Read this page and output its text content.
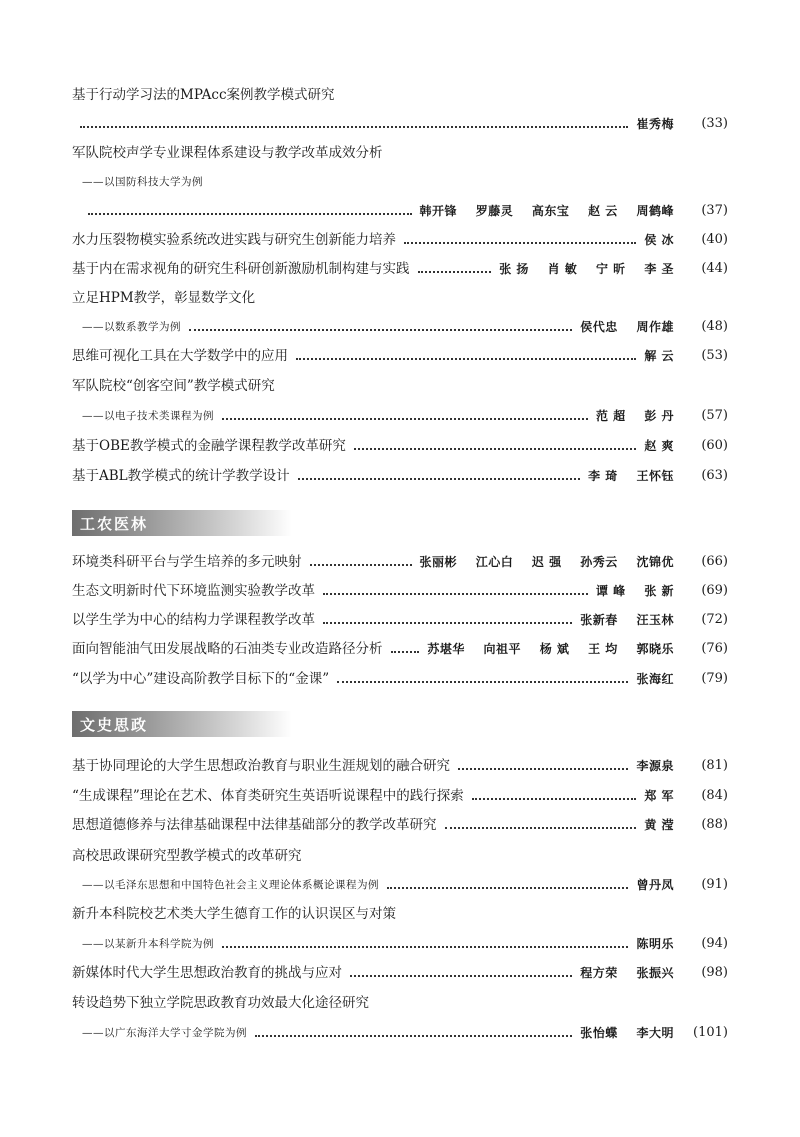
基于行动学习法的MPAcc案例教学模式研究
崔秀梅	(33)
军队院校声学专业课程体系建设与教学改革成效分析
——以国防科技大学为例
韩开锋 罗藤灵 高东宝 赵 云 周鹤峰	(37)
水力压裂物模实验系统改进实践与研究生创新能力培养	侯 冰	(40)
基于内在需求视角的研究生科研创新激励机制构建与实践	张 扬 肖 敏 宁 昕 李 圣	(44)
立足HPM教学，彰显数学文化
——以数系教学为例	侯代忠 周作雄	(48)
思维可视化工具在大学数学中的应用	解 云	(53)
军队院校“创客空间”教学模式研究
——以电子技术类课程为例	范 超 彭 丹	(57)
基于OBE教学模式的金融学课程教学改革研究	赵 爽	(60)
基于ABL教学模式的统计学教学设计	李 琦 王怀钰	(63)
工农医林
环境类科研平台与学生培养的多元映射	张丽彬 江心白 迟 强 孙秀云 沈锦优	(66)
生态文明新时代下环境监测实验教学改革	谭 峰 张 新	(69)
以学生学为中心的结构力学课程教学改革	张新春 汪玉林	(72)
面向智能油气田发展战略的石油类专业改造路径分析	苏堪华 向祖平 杨 斌 王 均 郭晓乐	(76)
“以学为中心”建设高阶教学目标下的“金课”	张海红	(79)
文史思政
基于协同理论的大学生思想政治教育与职业生涯规划的融合研究	李源泉	(81)
“生成课程”理论在艺术、体育类研究生英语听说课程中的践行探索	郑 军	(84)
思想道德修养与法律基础课程中法律基础部分的教学改革研究	黄 滢	(88)
高校思政课研究型教学模式的改革研究
——以毛泽东思想和中国特色社会主义理论体系概论课程为例	曾丹凤	(91)
新升本科院校艺术类大学生德育工作的认识误区与对策
——以某新升本科学院为例	陈明乐	(94)
新媒体时代大学生思想政治教育的挑战与应对	程方荣 张振兴	(98)
转设趋势下独立学院思政教育功效最大化途径研究
——以广东海洋大学寸金学院为例	张怡蝶 李大明	(101)
